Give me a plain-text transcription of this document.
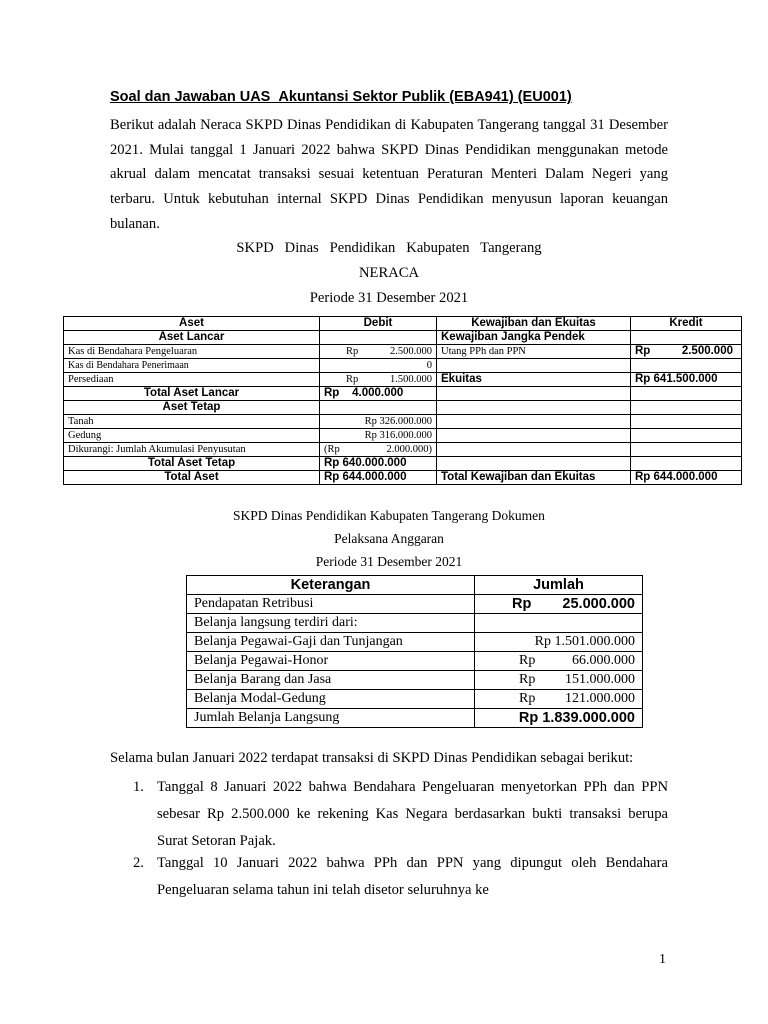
Soal dan Jawaban UAS_Akuntansi Sektor Publik (EBA941) (EU001)
Berikut adalah Neraca SKPD Dinas Pendidikan di Kabupaten Tangerang tanggal 31 Desember 2021. Mulai tanggal 1 Januari 2022 bahwa SKPD Dinas Pendidikan menggunakan metode akrual dalam mencatat transaksi sesuai ketentuan Peraturan Menteri Dalam Negeri yang terbaru. Untuk kebutuhan internal SKPD Dinas Pendidikan menyusun laporan keuangan bulanan.
SKPD   Dinas   Pendidikan   Kabupaten   Tangerang
NERACA
Periode 31 Desember 2021
Aset	Debit	Kewajiban dan Ekuitas	Kredit
Aset Lancar		Kewajiban Jangka Pendek	
Kas di Bendahara Pengeluaran	Rp 2.500.000	Utang PPh dan PPN	Rp 2.500.000

Kas di Bendahara Penerimaan	0		
Persediaan	Rp 1.500.000	Ekuitas	Rp 641.500.000
Total Aset Lancar	Rp 4.000.000		
Aset Tetap			
Tanah	Rp 326.000.000		
Gedung	Rp 316.000.000		
Dikurangi: Jumlah Akumulasi Penyusutan	(Rp 2.000.000)		

Total Aset Tetap	Rp 640.000.000		
Total Aset	Rp 644.000.000	Total Kewajiban dan Ekuitas	Rp 644.000.000
SKPD Dinas Pendidikan Kabupaten Tangerang Dokumen
Pelaksana Anggaran
Periode 31 Desember 2021
Keterangan	Jumlah
Pendapatan Retribusi	Rp 25.000.000

Belanja langsung terdiri dari:	
Belanja Pegawai-Gaji dan Tunjangan	Rp 1.501.000.000
Belanja Pegawai-Honor	Rp 66.000.000

Belanja Barang dan Jasa	Rp 151.000.000

Belanja Modal-Gedung	Rp 121.000.000

Jumlah Belanja Langsung	Rp 1.839.000.000
Selama bulan Januari 2022 terdapat transaksi di SKPD Dinas Pendidikan sebagai berikut:
1. Tanggal 8 Januari 2022 bahwa Bendahara Pengeluaran menyetorkan PPh dan PPN sebesar Rp 2.500.000 ke rekening Kas Negara berdasarkan bukti transaksi berupa Surat Setoran Pajak.
2. Tanggal 10 Januari 2022 bahwa PPh dan PPN yang dipungut oleh Bendahara Pengeluaran selama tahun ini telah disetor seluruhnya ke
1
